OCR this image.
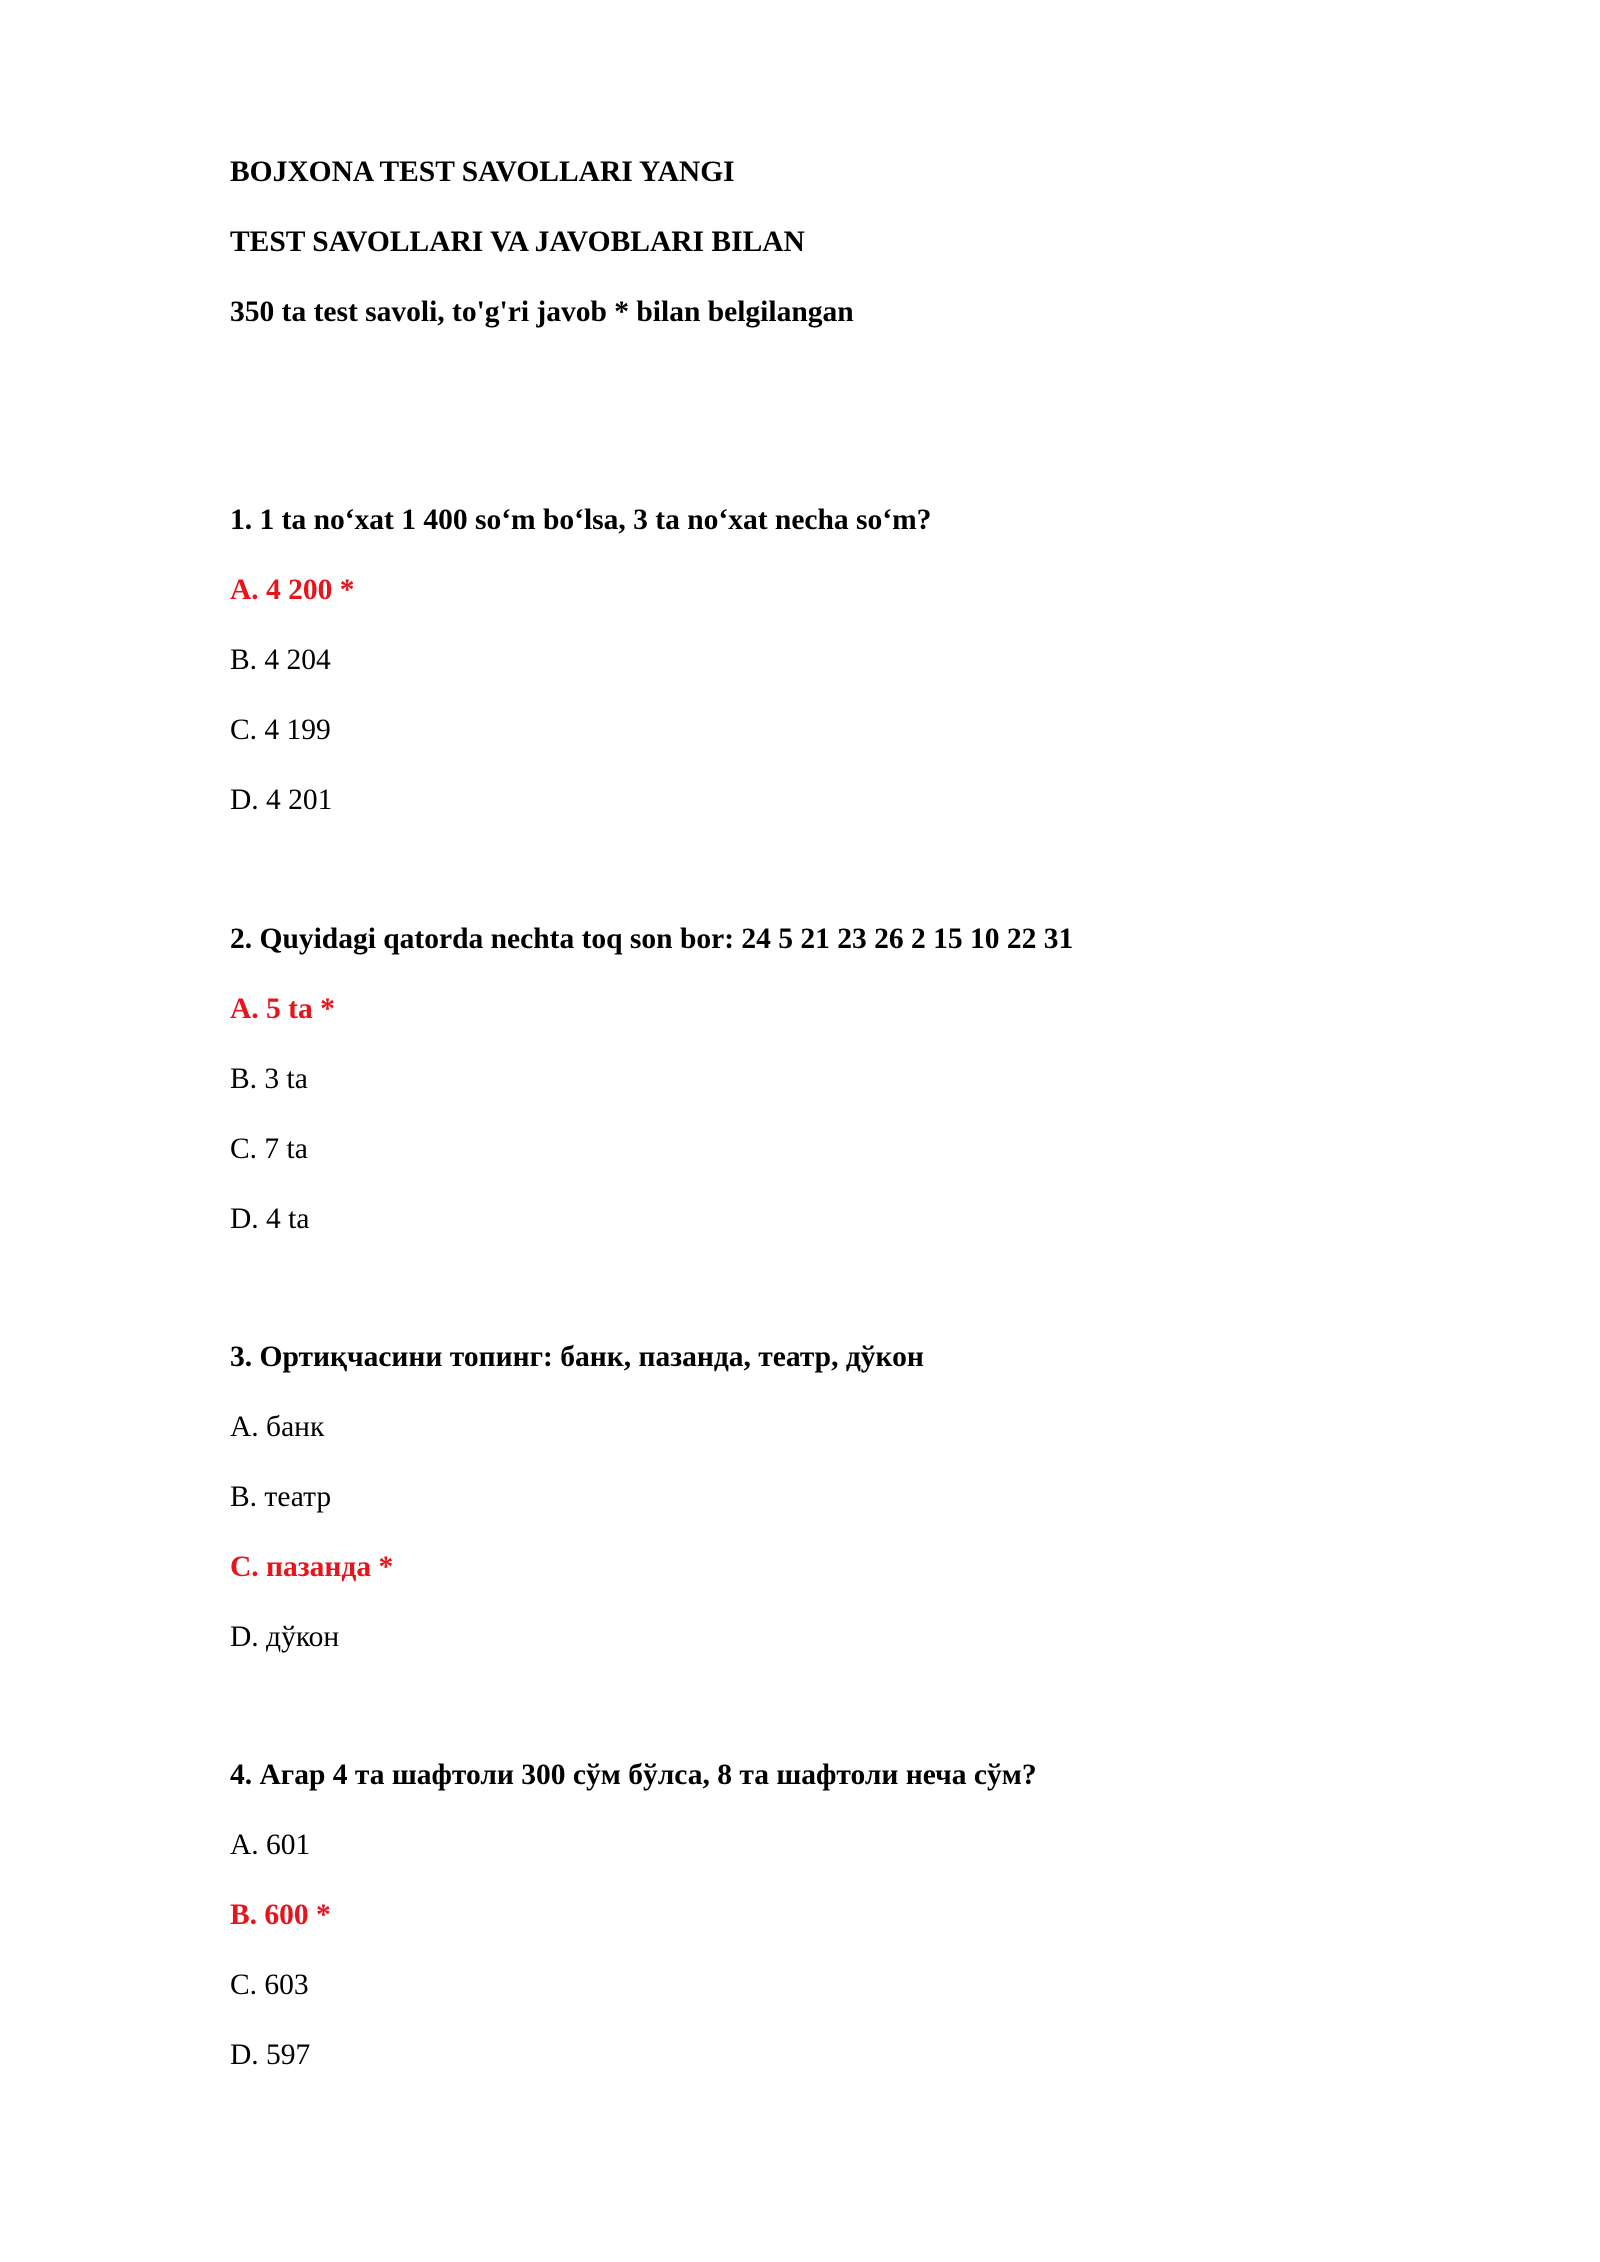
BOJXONA TEST SAVOLLARI YANGI
TEST SAVOLLARI VA JAVOBLARI BILAN
350 ta test savoli, to'g'ri javob * bilan belgilangan
1. 1 ta no‘xat 1 400 so‘m bo‘lsa, 3 ta no‘xat necha so‘m?
A. 4 200 *
B. 4 204
C. 4 199
D. 4 201
2. Quyidagi qatorda nechta toq son bor: 24 5 21 23 26 2 15 10 22 31
A. 5 ta *
B. 3 ta
C. 7 ta
D. 4 ta
3. Ортиқчасини топинг: банк, пазанда, театр, дўкон
A. банк
B. театр
C. пазанда *
D. дўкон
4. Агар 4 та шафтоли 300 сўм бўлса, 8 та шафтоли неча сўм?
A. 601
B. 600 *
C. 603
D. 597
